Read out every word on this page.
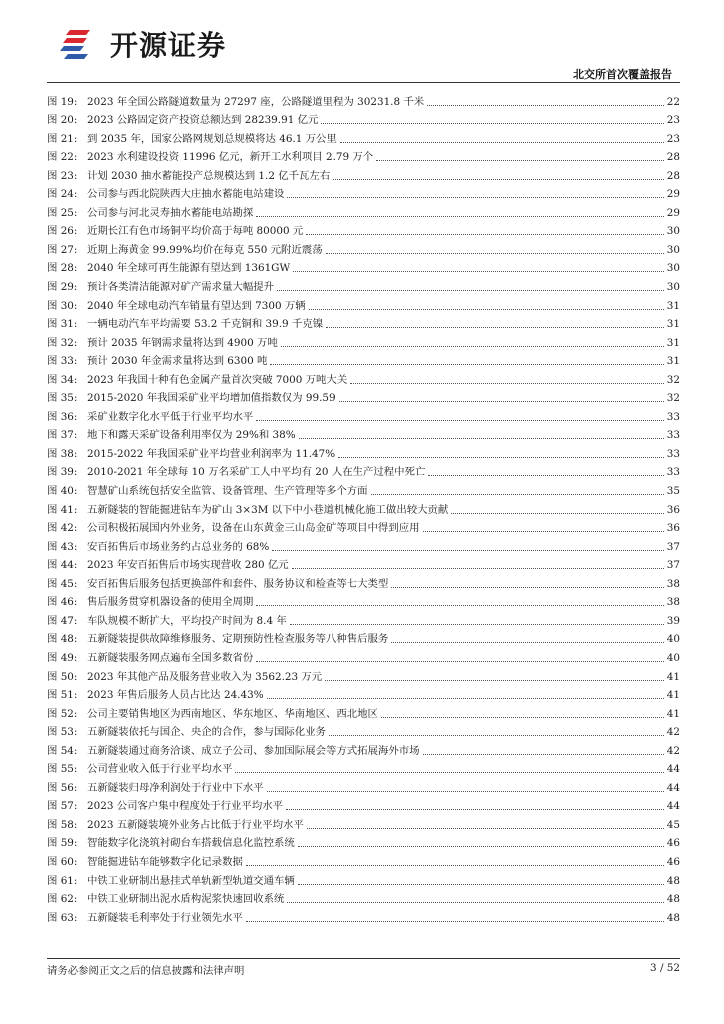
开源证券
北交所首次覆盖报告
图 19: 2023 年全国公路隧道数量为 27297 座，公路隧道里程为 30231.8 千米	22
图 20: 2023 公路固定资产投资总额达到 28239.91 亿元	23
图 21: 到 2035 年，国家公路网规划总规模将达 46.1 万公里	23
图 22: 2023 水利建设投资 11996 亿元，新开工水利项目 2.79 万个	28
图 23: 计划 2030 抽水蓄能投产总规模达到 1.2 亿千瓦左右	28
图 24: 公司参与西北院陕西大庄抽水蓄能电站建设	29
图 25: 公司参与河北灵寿抽水蓄能电站勘探	29
图 26: 近期长江有色市场铜平均价高于每吨 80000 元	30
图 27: 近期上海黄金 99.99%均价在每克 550 元附近震荡	30
图 28: 2040 年全球可再生能源有望达到 1361GW	30
图 29: 预计各类清洁能源对矿产需求量大幅提升	30
图 30: 2040 年全球电动汽车销量有望达到 7300 万辆	31
图 31: 一辆电动汽车平均需要 53.2 千克铜和 39.9 千克镍	31
图 32: 预计 2035 年钢需求量将达到 4900 万吨	31
图 33: 预计 2030 年金需求量将达到 6300 吨	31
图 34: 2023 年我国十种有色金属产量首次突破 7000 万吨大关	32
图 35: 2015-2020 年我国采矿业平均增加值指数仅为 99.59	32
图 36: 采矿业数字化水平低于行业平均水平	33
图 37: 地下和露天采矿设备利用率仅为 29%和 38%	33
图 38: 2015-2022 年我国采矿业平均营业利润率为 11.47%	33
图 39: 2010-2021 年全球每 10 万名采矿工人中平均有 20 人在生产过程中死亡	33
图 40: 智慧矿山系统包括安全监管、设备管理、生产管理等多个方面	35
图 41: 五新隧装的智能掘进钻车为矿山 3×3M 以下中小巷道机械化施工做出较大贡献	36
图 42: 公司积极拓展国内外业务，设备在山东黄金三山岛金矿等项目中得到应用	36
图 43: 安百拓售后市场业务约占总业务的 68%	37
图 44: 2023 年安百拓售后市场实现营收 280 亿元	37
图 45: 安百拓售后服务包括更换部件和套件、服务协议和检查等七大类型	38
图 46: 售后服务贯穿机器设备的使用全周期	38
图 47: 车队规模不断扩大，平均投产时间为 8.4 年	39
图 48: 五新隧装提供故障维修服务、定期预防性检查服务等八种售后服务	40
图 49: 五新隧装服务网点遍布全国多数省份	40
图 50: 2023 年其他产品及服务营业收入为 3562.23 万元	41
图 51: 2023 年售后服务人员占比达 24.43%	41
图 52: 公司主要销售地区为西南地区、华东地区、华南地区、西北地区	41
图 53: 五新隧装依托与国企、央企的合作，参与国际化业务	42
图 54: 五新隧装通过商务洽谈、成立子公司、参加国际展会等方式拓展海外市场	42
图 55: 公司营业收入低于行业平均水平	44
图 56: 五新隧装归母净利润处于行业中下水平	44
图 57: 2023 公司客户集中程度处于行业平均水平	44
图 58: 2023 五新隧装境外业务占比低于行业平均水平	45
图 59: 智能数字化浇筑衬砌台车搭载信息化监控系统	46
图 60: 智能掘进钻车能够数字化记录数据	46
图 61: 中铁工业研制出悬挂式单轨新型轨道交通车辆	48
图 62: 中铁工业研制出泥水盾构泥浆快速回收系统	48
图 63: 五新隧装毛利率处于行业领先水平	48
请务必参阅正文之后的信息披露和法律声明	3 / 52
